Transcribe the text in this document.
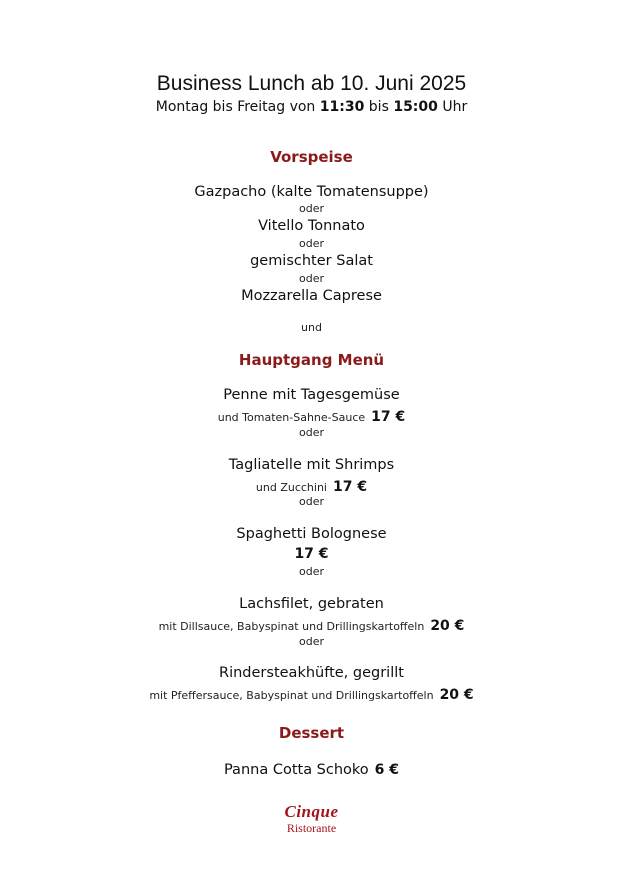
Business Lunch ab 10. Juni 2025
Montag bis Freitag von 11:30 bis 15:00 Uhr
Vorspeise
Gazpacho (kalte Tomatensuppe)
oder
Vitello Tonnato
oder
gemischter Salat
oder
Mozzarella Caprese
und
Hauptgang Menü
Penne mit Tagesgemüse
und Tomaten-Sahne-Sauce 17 €
oder
Tagliatelle mit Shrimps
und Zucchini 17 €
oder
Spaghetti Bolognese
17 €
oder
Lachsfilet, gebraten
mit Dillsauce, Babyspinat und Drillingskartoffeln 20 €
oder
Rindersteakhüfte, gegrillt
mit Pfeffersauce, Babyspinat und Drillingskartoffeln 20 €
Dessert
Panna Cotta Schoko 6 €
Cinque
Ristorante
